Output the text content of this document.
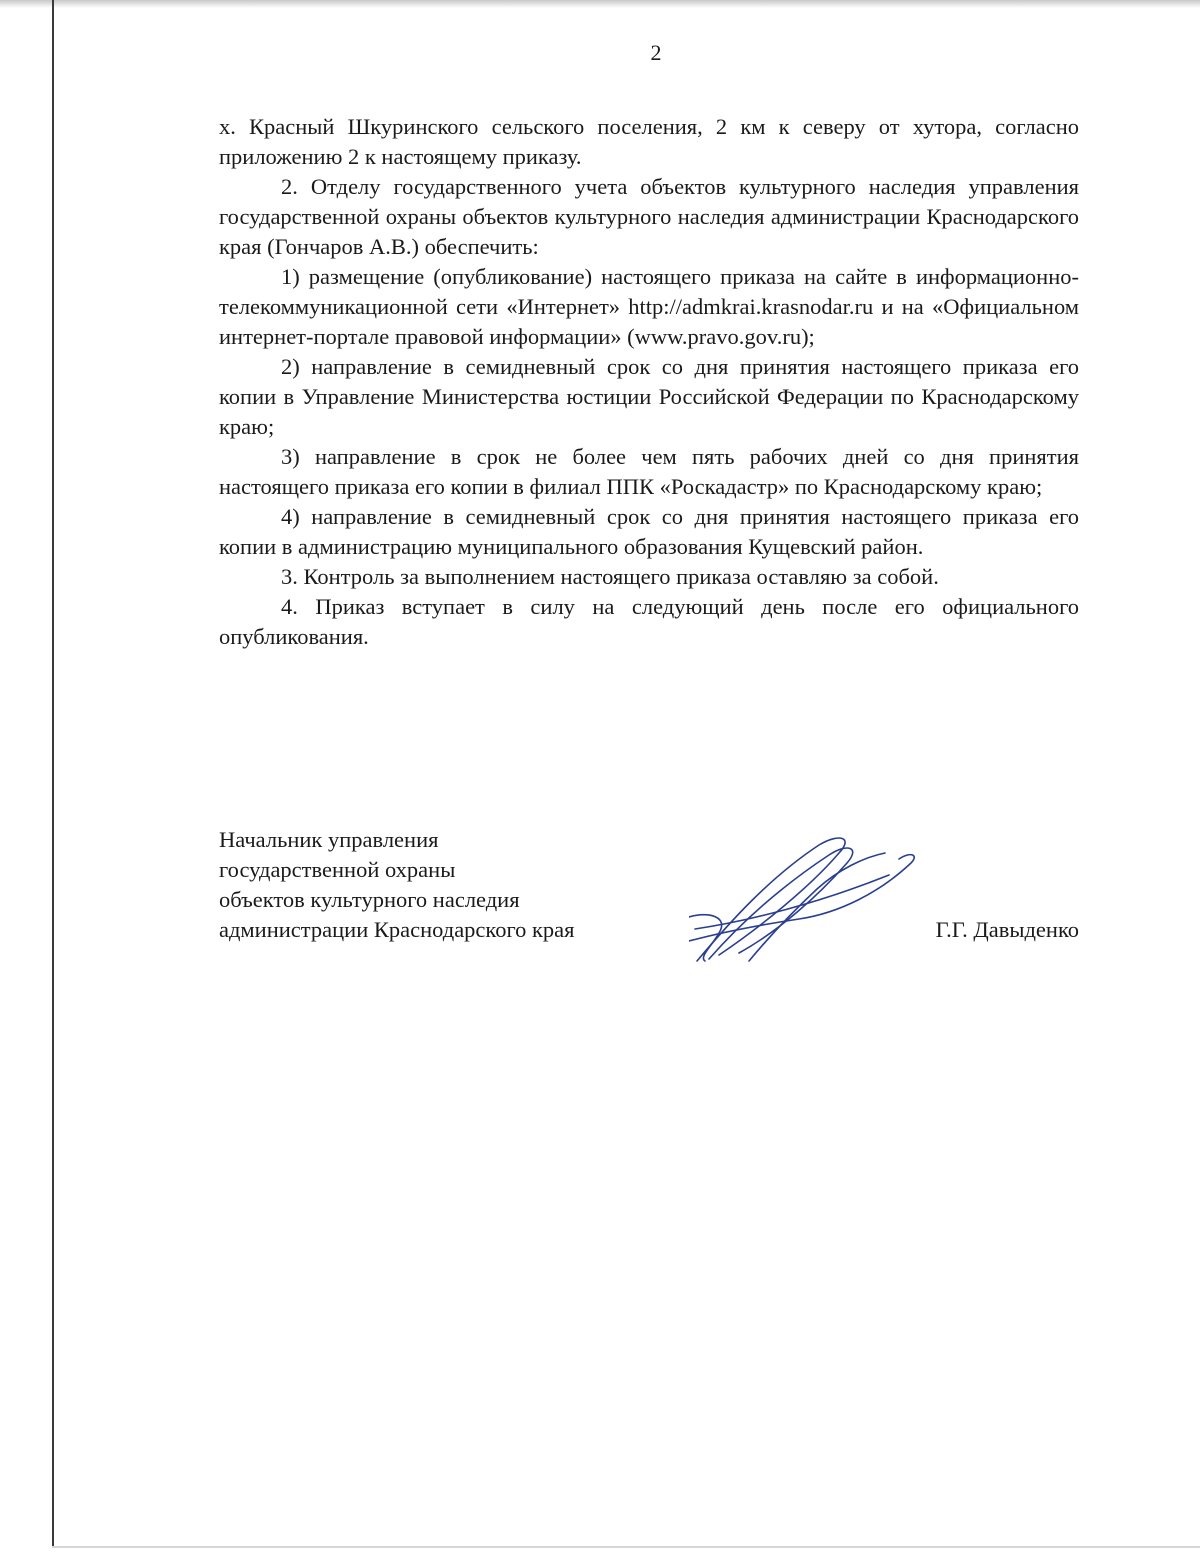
2

х. Красный Шкуринского сельского поселения, 2 км к северу от хутора, согласно приложению 2 к настоящему приказу.

2. Отделу государственного учета объектов культурного наследия управления государственной охраны объектов культурного наследия администрации Краснодарского края (Гончаров А.В.) обеспечить:

1) размещение (опубликование) настоящего приказа на сайте в информационно-телекоммуникационной сети «Интернет» http://admkrai.krasnodar.ru и на «Официальном интернет-портале правовой информации» (www.pravo.gov.ru);

2) направление в семидневный срок со дня принятия настоящего приказа его копии в Управление Министерства юстиции Российской Федерации по Краснодарскому краю;

3) направление в срок не более чем пять рабочих дней со дня принятия настоящего приказа его копии в филиал ППК «Роскадастр» по Краснодарскому краю;

4) направление в семидневный срок со дня принятия настоящего приказа его копии в администрацию муниципального образования Кущевский район.

3. Контроль за выполнением настоящего приказа оставляю за собой.

4. Приказ вступает в силу на следующий день после его официального опубликования.

Начальник управления
государственной охраны
объектов культурного наследия
администрации Краснодарского края	Г.Г. Давыденко
